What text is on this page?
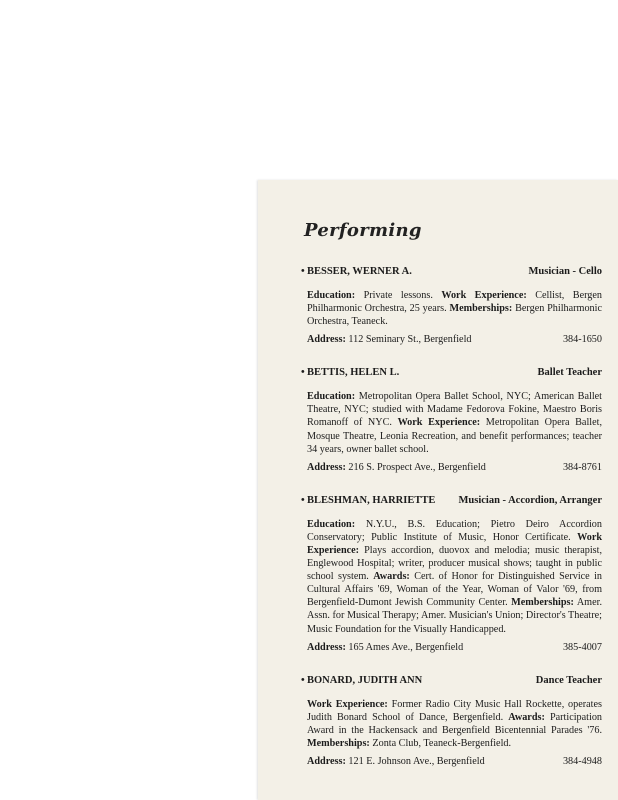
Performing
• BESSER, WERNER A.	Musician - Cello
Education: Private lessons. Work Experience: Cellist, Bergen Philharmonic Orchestra, 25 years. Memberships: Bergen Philharmonic Orchestra, Teaneck.
Address: 112 Seminary St., Bergenfield	384-1650
• BETTIS, HELEN L.	Ballet Teacher
Education: Metropolitan Opera Ballet School, NYC; American Ballet Theatre, NYC; studied with Madame Fedorova Fokine, Maestro Boris Romanoff of NYC. Work Experience: Metropolitan Opera Ballet, Mosque Theatre, Leonia Recreation, and benefit performances; teacher 34 years, owner ballet school.
Address: 216 S. Prospect Ave., Bergenfield	384-8761
• BLESHMAN, HARRIETTE Musician - Accordion, Arranger
Education: N.Y.U., B.S. Education; Pietro Deiro Accordion Conservatory; Public Institute of Music, Honor Certificate. Work Experience: Plays accordion, duovox and melodia; music therapist, Englewood Hospital; writer, producer musical shows; taught in public school system. Awards: Cert. of Honor for Distinguished Service in Cultural Affairs '69, Woman of the Year, Woman of Valor '69, from Bergenfield-Dumont Jewish Community Center. Memberships: Amer. Assn. for Musical Therapy; Amer. Musician's Union; Director's Theatre; Music Foundation for the Visually Handicapped.
Address: 165 Ames Ave., Bergenfield	385-4007
• BONARD, JUDITH ANN	Dance Teacher
Work Experience: Former Radio City Music Hall Rockette, operates Judith Bonard School of Dance, Bergenfield. Awards: Participation Award in the Hackensack and Bergenfield Bicentennial Parades '76. Memberships: Zonta Club, Teaneck-Bergenfield.
Address: 121 E. Johnson Ave., Bergenfield	384-4948
